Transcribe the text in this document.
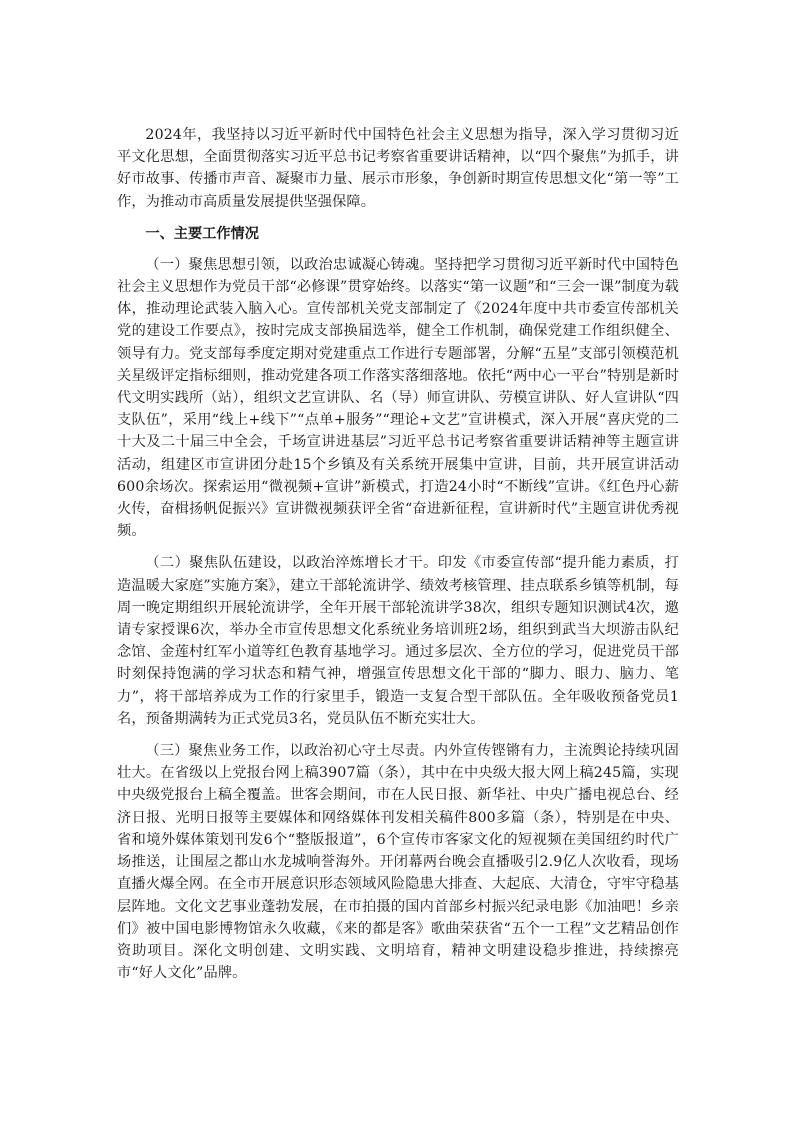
2024年，我坚持以习近平新时代中国特色社会主义思想为指导，深入学习贯彻习近平文化思想，全面贯彻落实习近平总书记考察省重要讲话精神，以“四个聚焦”为抓手，讲好市故事、传播市声音、凝聚市力量、展示市形象，争创新时期宣传思想文化“第一等”工作，为推动市高质量发展提供坚强保障。

一、主要工作情况

（一）聚焦思想引领，以政治忠诚凝心铸魂。坚持把学习贯彻习近平新时代中国特色社会主义思想作为党员干部“必修课”贯穿始终。以落实“第一议题”和“三会一课”制度为载体，推动理论武装入脑入心。宣传部机关党支部制定了《2024年度中共市委宣传部机关党的建设工作要点》，按时完成支部换届选举，健全工作机制，确保党建工作组织健全、领导有力。党支部每季度定期对党建重点工作进行专题部署，分解“五星”支部引领模范机关星级评定指标细则，推动党建各项工作落实落细落地。依托“两中心一平台”特别是新时代文明实践所（站），组织文艺宣讲队、名（导）师宣讲队、劳模宣讲队、好人宣讲队“四支队伍”，采用“线上+线下”“点单+服务”“理论+文艺”宣讲模式，深入开展“喜庆党的二十大及二十届三中全会，千场宣讲进基层”习近平总书记考察省重要讲话精神等主题宣讲活动，组建区市宣讲团分赴15个乡镇及有关系统开展集中宣讲，目前，共开展宣讲活动600余场次。探索运用“微视频+宣讲”新模式，打造24小时“不断线”宣讲。《红色丹心薪火传，奋楫扬帆促振兴》宣讲微视频获评全省“奋进新征程，宣讲新时代”主题宣讲优秀视频。

（二）聚焦队伍建设，以政治淬炼增长才干。印发《市委宣传部“提升能力素质，打造温暖大家庭”实施方案》，建立干部轮流讲学、绩效考核管理、挂点联系乡镇等机制，每周一晚定期组织开展轮流讲学，全年开展干部轮流讲学38次，组织专题知识测试4次，邀请专家授课6次，举办全市宣传思想文化系统业务培训班2场，组织到武当大坝游击队纪念馆、金莲村红军小道等红色教育基地学习。通过多层次、全方位的学习，促进党员干部时刻保持饱满的学习状态和精气神，增强宣传思想文化干部的“脚力、眼力、脑力、笔力”，将干部培养成为工作的行家里手，锻造一支复合型干部队伍。全年吸收预备党员1名，预备期满转为正式党员3名，党员队伍不断充实壮大。

（三）聚焦业务工作，以政治初心守土尽责。内外宣传铿锵有力，主流舆论持续巩固壮大。在省级以上党报台网上稿3907篇（条），其中在中央级大报大网上稿245篇，实现中央级党报台上稿全覆盖。世客会期间，市在人民日报、新华社、中央广播电视总台、经济日报、光明日报等主要媒体和网络媒体刊发相关稿件800多篇（条），特别是在中央、省和境外媒体策划刊发6个“整版报道”，6个宣传市客家文化的短视频在美国纽约时代广场推送，让围屋之都山水龙城响誉海外。开闭幕两台晚会直播吸引2.9亿人次收看，现场直播火爆全网。在全市开展意识形态领域风险隐患大排查、大起底、大清仓，守牢守稳基层阵地。文化文艺事业蓬勃发展，在市拍摄的国内首部乡村振兴纪录电影《加油吧！乡亲们》被中国电影博物馆永久收藏，《来的都是客》歌曲荣获省“五个一工程”文艺精品创作资助项目。深化文明创建、文明实践、文明培育，精神文明建设稳步推进，持续擦亮市“好人文化”品牌。
